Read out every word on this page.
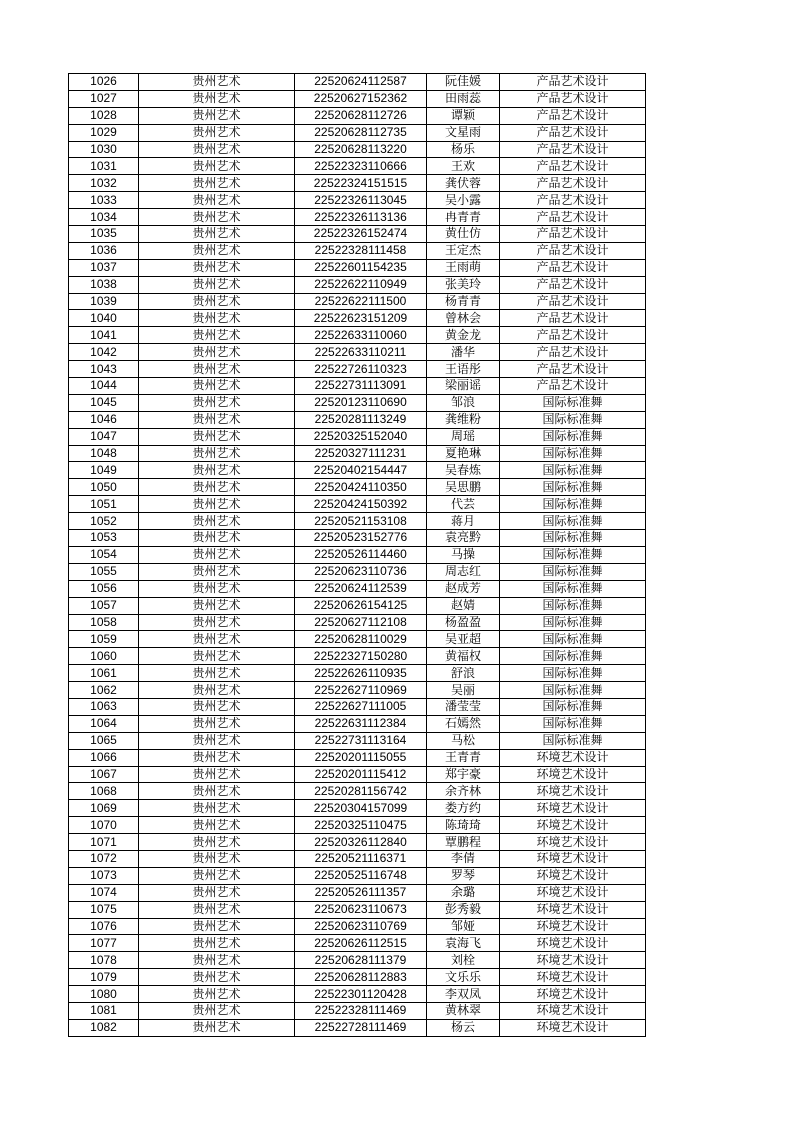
1026	贵州艺术	22520624112587	阮佳媛	产品艺术设计
1027	贵州艺术	22520627152362	田雨蕊	产品艺术设计
1028	贵州艺术	22520628112726	谭颖	产品艺术设计
1029	贵州艺术	22520628112735	文星雨	产品艺术设计
1030	贵州艺术	22520628113220	杨乐	产品艺术设计
1031	贵州艺术	22522323110666	王欢	产品艺术设计
1032	贵州艺术	22522324151515	龚伏蓉	产品艺术设计
1033	贵州艺术	22522326113045	吴小露	产品艺术设计
1034	贵州艺术	22522326113136	冉青青	产品艺术设计
1035	贵州艺术	22522326152474	黄仕仿	产品艺术设计
1036	贵州艺术	22522328111458	王定杰	产品艺术设计
1037	贵州艺术	22522601154235	王雨萌	产品艺术设计
1038	贵州艺术	22522622110949	张美玲	产品艺术设计
1039	贵州艺术	22522622111500	杨青青	产品艺术设计
1040	贵州艺术	22522623151209	曾林会	产品艺术设计
1041	贵州艺术	22522633110060	黄金龙	产品艺术设计
1042	贵州艺术	22522633110211	潘华	产品艺术设计
1043	贵州艺术	22522726110323	王语彤	产品艺术设计
1044	贵州艺术	22522731113091	梁丽谣	产品艺术设计
1045	贵州艺术	22520123110690	邹浪	国际标准舞
1046	贵州艺术	22520281113249	龚维粉	国际标准舞
1047	贵州艺术	22520325152040	周瑶	国际标准舞
1048	贵州艺术	22520327111231	夏艳琳	国际标准舞
1049	贵州艺术	22520402154447	吴春炼	国际标准舞
1050	贵州艺术	22520424110350	吴思鹏	国际标准舞
1051	贵州艺术	22520424150392	代芸	国际标准舞
1052	贵州艺术	22520521153108	蒋月	国际标准舞
1053	贵州艺术	22520523152776	袁亮黔	国际标准舞
1054	贵州艺术	22520526114460	马操	国际标准舞
1055	贵州艺术	22520623110736	周志红	国际标准舞
1056	贵州艺术	22520624112539	赵成芳	国际标准舞
1057	贵州艺术	22520626154125	赵婧	国际标准舞
1058	贵州艺术	22520627112108	杨盈盈	国际标准舞
1059	贵州艺术	22520628110029	吴亚超	国际标准舞
1060	贵州艺术	22522327150280	黄福权	国际标准舞
1061	贵州艺术	22522626110935	舒浪	国际标准舞
1062	贵州艺术	22522627110969	吴丽	国际标准舞
1063	贵州艺术	22522627111005	潘莹莹	国际标准舞
1064	贵州艺术	22522631112384	石嫣然	国际标准舞
1065	贵州艺术	22522731113164	马松	国际标准舞
1066	贵州艺术	22520201115055	王青青	环境艺术设计
1067	贵州艺术	22520201115412	郑宇豪	环境艺术设计
1068	贵州艺术	22520281156742	余齐林	环境艺术设计
1069	贵州艺术	22520304157099	娄方约	环境艺术设计
1070	贵州艺术	22520325110475	陈琦琦	环境艺术设计
1071	贵州艺术	22520326112840	覃鹏程	环境艺术设计
1072	贵州艺术	22520521116371	李倩	环境艺术设计
1073	贵州艺术	22520525116748	罗琴	环境艺术设计
1074	贵州艺术	22520526111357	余璐	环境艺术设计
1075	贵州艺术	22520623110673	彭秀毅	环境艺术设计
1076	贵州艺术	22520623110769	邹娅	环境艺术设计
1077	贵州艺术	22520626112515	袁海飞	环境艺术设计
1078	贵州艺术	22520628111379	刘栓	环境艺术设计
1079	贵州艺术	22520628112883	文乐乐	环境艺术设计
1080	贵州艺术	22522301120428	李双凤	环境艺术设计
1081	贵州艺术	22522328111469	黄林翠	环境艺术设计
1082	贵州艺术	22522728111469	杨云	环境艺术设计
